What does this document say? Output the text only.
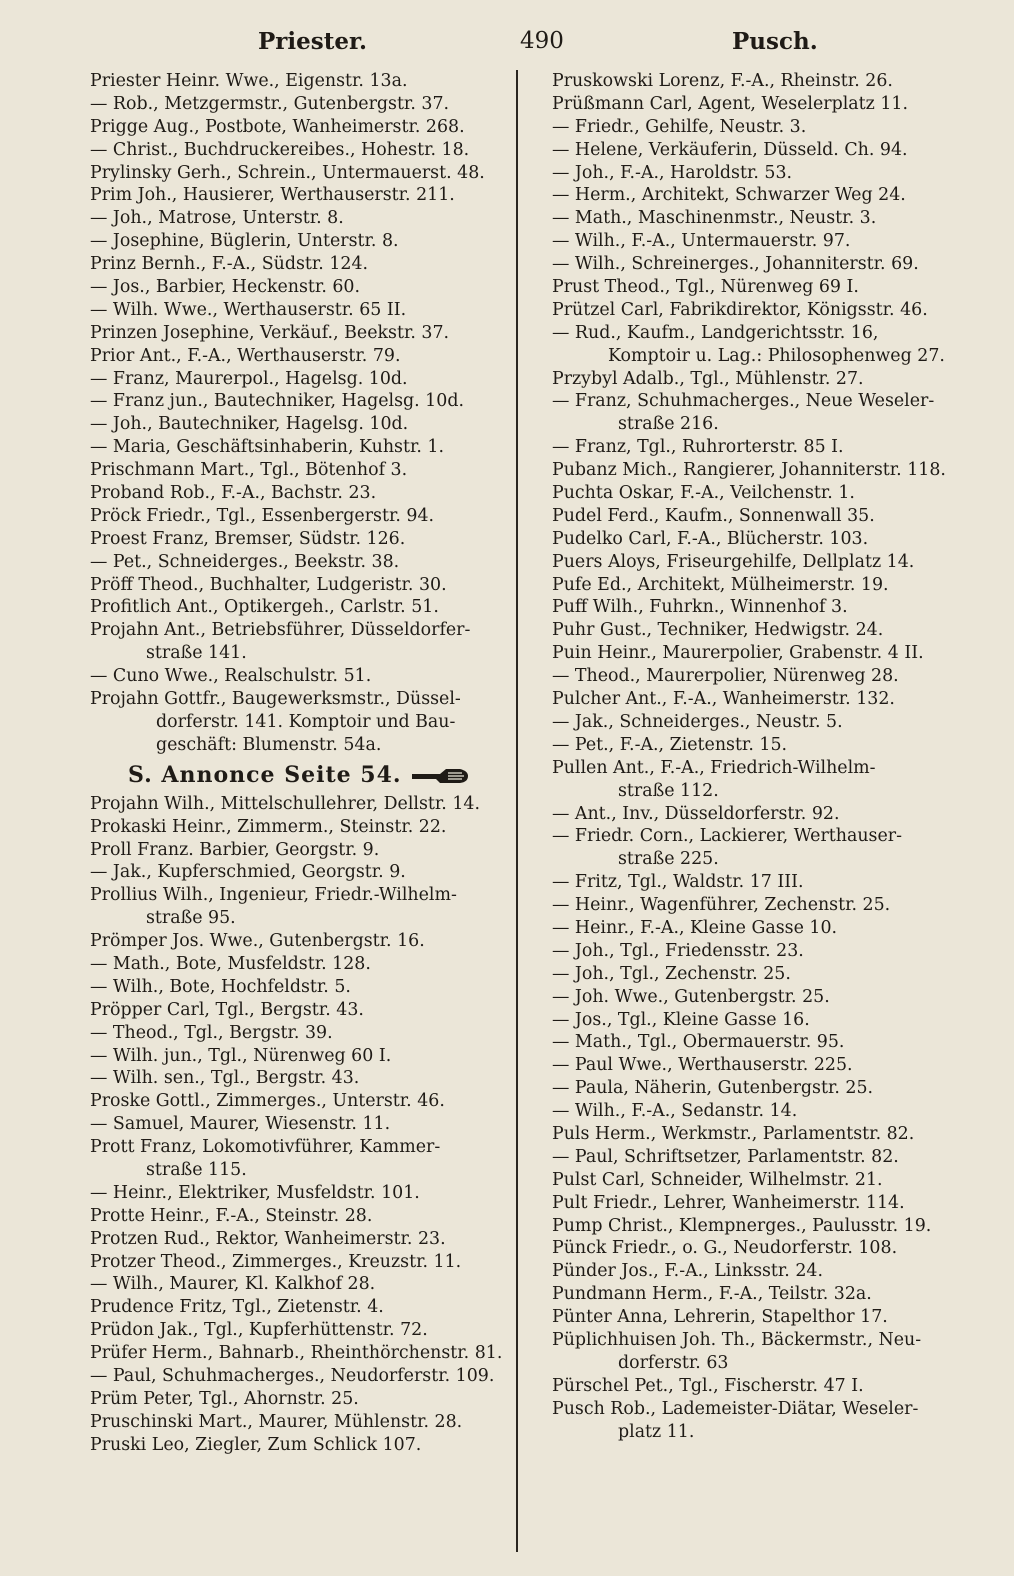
Priester.	490	Pusch.
Priester Heinr. Wwe., Eigenstr. 13a.
— Rob., Metzgermstr., Gutenbergstr. 37.
Prigge Aug., Postbote, Wanheimerstr. 268.
— Christ., Buchdruckereibes., Hohestr. 18.
Prylinsky Gerh., Schrein., Untermauerst. 48.
Prim Joh., Hausierer, Werthauserstr. 211.
— Joh., Matrose, Unterstr. 8.
— Josephine, Büglerin, Unterstr. 8.
Prinz Bernh., F.-A., Südstr. 124.
— Jos., Barbier, Heckenstr. 60.
— Wilh. Wwe., Werthauserstr. 65 II.
Prinzen Josephine, Verkäuf., Beekstr. 37.
Prior Ant., F.-A., Werthauserstr. 79.
— Franz, Maurerpol., Hagelsg. 10d.
— Franz jun., Bautechniker, Hagelsg. 10d.
— Joh., Bautechniker, Hagelsg. 10d.
— Maria, Geschäftsinhaberin, Kuhstr. 1.
Prischmann Mart., Tgl., Bötenhof 3.
Proband Rob., F.-A., Bachstr. 23.
Pröck Friedr., Tgl., Essenbergerstr. 94.
Proest Franz, Bremser, Südstr. 126.
— Pet., Schneiderges., Beekstr. 38.
Pröff Theod., Buchhalter, Ludgeristr. 30.
Profitlich Ant., Optikergeh., Carlstr. 51.
Projahn Ant., Betriebsführer, Düsseldorfer-
straße 141.
— Cuno Wwe., Realschulstr. 51.
Projahn Gottfr., Baugewerksmstr., Düssel-
dorferstr. 141. Komptoir und Bau-
geschäft: Blumenstr. 54a.
S. Annonce Seite 54.
Projahn Wilh., Mittelschullehrer, Dellstr. 14.
Prokaski Heinr., Zimmerm., Steinstr. 22.
Proll Franz. Barbier, Georgstr. 9.
— Jak., Kupferschmied, Georgstr. 9.
Prollius Wilh., Ingenieur, Friedr.-Wilhelm-
straße 95.
Prömper Jos. Wwe., Gutenbergstr. 16.
— Math., Bote, Musfeldstr. 128.
— Wilh., Bote, Hochfeldstr. 5.
Pröpper Carl, Tgl., Bergstr. 43.
— Theod., Tgl., Bergstr. 39.
— Wilh. jun., Tgl., Nürenweg 60 I.
— Wilh. sen., Tgl., Bergstr. 43.
Proske Gottl., Zimmerges., Unterstr. 46.
— Samuel, Maurer, Wiesenstr. 11.
Prott Franz, Lokomotivführer, Kammer-
straße 115.
— Heinr., Elektriker, Musfeldstr. 101.
Protte Heinr., F.-A., Steinstr. 28.
Protzen Rud., Rektor, Wanheimerstr. 23.
Protzer Theod., Zimmerges., Kreuzstr. 11.
— Wilh., Maurer, Kl. Kalkhof 28.
Prudence Fritz, Tgl., Zietenstr. 4.
Prüdon Jak., Tgl., Kupferhüttenstr. 72.
Prüfer Herm., Bahnarb., Rheinthörchenstr. 81.
— Paul, Schuhmacherges., Neudorferstr. 109.
Prüm Peter, Tgl., Ahornstr. 25.
Pruschinski Mart., Maurer, Mühlenstr. 28.
Pruski Leo, Ziegler, Zum Schlick 107.
Pruskowski Lorenz, F.-A., Rheinstr. 26.
Prüßmann Carl, Agent, Weselerplatz 11.
— Friedr., Gehilfe, Neustr. 3.
— Helene, Verkäuferin, Düsseld. Ch. 94.
— Joh., F.-A., Haroldstr. 53.
— Herm., Architekt, Schwarzer Weg 24.
— Math., Maschinenmstr., Neustr. 3.
— Wilh., F.-A., Untermauerstr. 97.
— Wilh., Schreinerges., Johanniterstr. 69.
Prust Theod., Tgl., Nürenweg 69 I.
Prützel Carl, Fabrikdirektor, Königsstr. 46.
— Rud., Kaufm., Landgerichtsstr. 16,
Komptoir u. Lag.: Philosophenweg 27.
Przybyl Adalb., Tgl., Mühlenstr. 27.
— Franz, Schuhmacherges., Neue Weseler-
straße 216.
— Franz, Tgl., Ruhrorterstr. 85 I.
Pubanz Mich., Rangierer, Johanniterstr. 118.
Puchta Oskar, F.-A., Veilchenstr. 1.
Pudel Ferd., Kaufm., Sonnenwall 35.
Pudelko Carl, F.-A., Blücherstr. 103.
Puers Aloys, Friseurgehilfe, Dellplatz 14.
Pufe Ed., Architekt, Mülheimerstr. 19.
Puff Wilh., Fuhrkn., Winnenhof 3.
Puhr Gust., Techniker, Hedwigstr. 24.
Puin Heinr., Maurerpolier, Grabenstr. 4 II.
— Theod., Maurerpolier, Nürenweg 28.
Pulcher Ant., F.-A., Wanheimerstr. 132.
— Jak., Schneiderges., Neustr. 5.
— Pet., F.-A., Zietenstr. 15.
Pullen Ant., F.-A., Friedrich-Wilhelm-
straße 112.
— Ant., Inv., Düsseldorferstr. 92.
— Friedr. Corn., Lackierer, Werthauser-
straße 225.
— Fritz, Tgl., Waldstr. 17 III.
— Heinr., Wagenführer, Zechenstr. 25.
— Heinr., F.-A., Kleine Gasse 10.
— Joh., Tgl., Friedensstr. 23.
— Joh., Tgl., Zechenstr. 25.
— Joh. Wwe., Gutenbergstr. 25.
— Jos., Tgl., Kleine Gasse 16.
— Math., Tgl., Obermauerstr. 95.
— Paul Wwe., Werthauserstr. 225.
— Paula, Näherin, Gutenbergstr. 25.
— Wilh., F.-A., Sedanstr. 14.
Puls Herm., Werkmstr., Parlamentstr. 82.
— Paul, Schriftsetzer, Parlamentstr. 82.
Pulst Carl, Schneider, Wilhelmstr. 21.
Pult Friedr., Lehrer, Wanheimerstr. 114.
Pump Christ., Klempnerges., Paulusstr. 19.
Pünck Friedr., o. G., Neudorferstr. 108.
Pünder Jos., F.-A., Linksstr. 24.
Pundmann Herm., F.-A., Teilstr. 32a.
Pünter Anna, Lehrerin, Stapelthor 17.
Püplichhuisen Joh. Th., Bäckermstr., Neu-
dorferstr. 63
Pürschel Pet., Tgl., Fischerstr. 47 I.
Pusch Rob., Lademeister-Diätar, Weseler-
platz 11.
